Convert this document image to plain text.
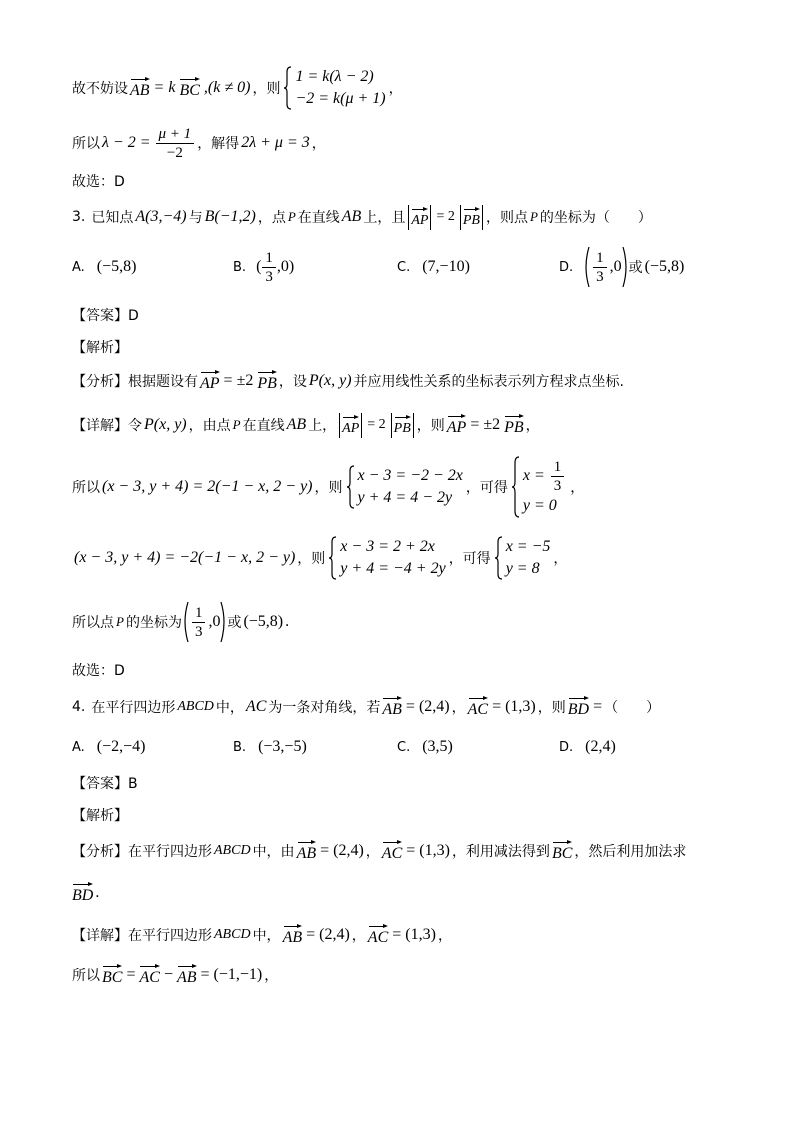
故不妨设 AB = k BC ,(k ≠ 0) ，则
1 = k(λ − 2)
−2 = k(μ + 1)
，
所以 $\lambda - 2 = \frac{\mu + 1}{-2}$ ，解得 2λ + μ = 3 ，
故选：D
3. 已知点 A(3,−4) 与 B(−1,2) ，点 P 在直线 AB 上，且 AP = 2 PB ，则点 P 的坐标为（　　）
A. (−5,8)	B. ( $\frac{1}{3} ,0$)	C. (7,−10)	D. $\frac{1}{3} ,0$ 或 (−5,8)
【答案】D
【解析】
【分析】根据题设有 AP = ±2 PB ，设 P(x, y) 并应用线性关系的坐标表示列方程求点坐标.
【详解】令 P(x, y) ，由点 P 在直线 AB 上， AP = 2 PB ，则 AP = ±2 PB ，
所以 (x − 3, y + 4) = 2(−1 − x, 2 − y) ，则
x − 3 = −2 − 2x
y + 4 = 4 − 2y
，可得
$x = \frac{1}{3}$
y = 0
，
(x − 3, y + 4) = −2(−1 − x, 2 − y) ，则
x − 3 = 2 + 2x
y + 4 = −4 + 2y
，可得
x = −5
y = 8
，
所以点 P 的坐标为 $\frac{1}{3} ,0$ 或 (−5,8) .
故选：D
4. 在平行四边形 ABCD 中， AC 为一条对角线，若 AB = (2,4) ， AC = (1,3) ，则 BD = （　　）
A. (−2,−4)	B. (−3,−5)	C. (3,5)	D. (2,4)
【答案】B
【解析】
【分析】在平行四边形 ABCD 中，由 AB = (2,4) ， AC = (1,3) ，利用减法得到 BC ，然后利用加法求
BD .
【详解】在平行四边形 ABCD 中， AB = (2,4) ， AC = (1,3) ，
所以 BC = AC − AB = (−1,−1) ，
